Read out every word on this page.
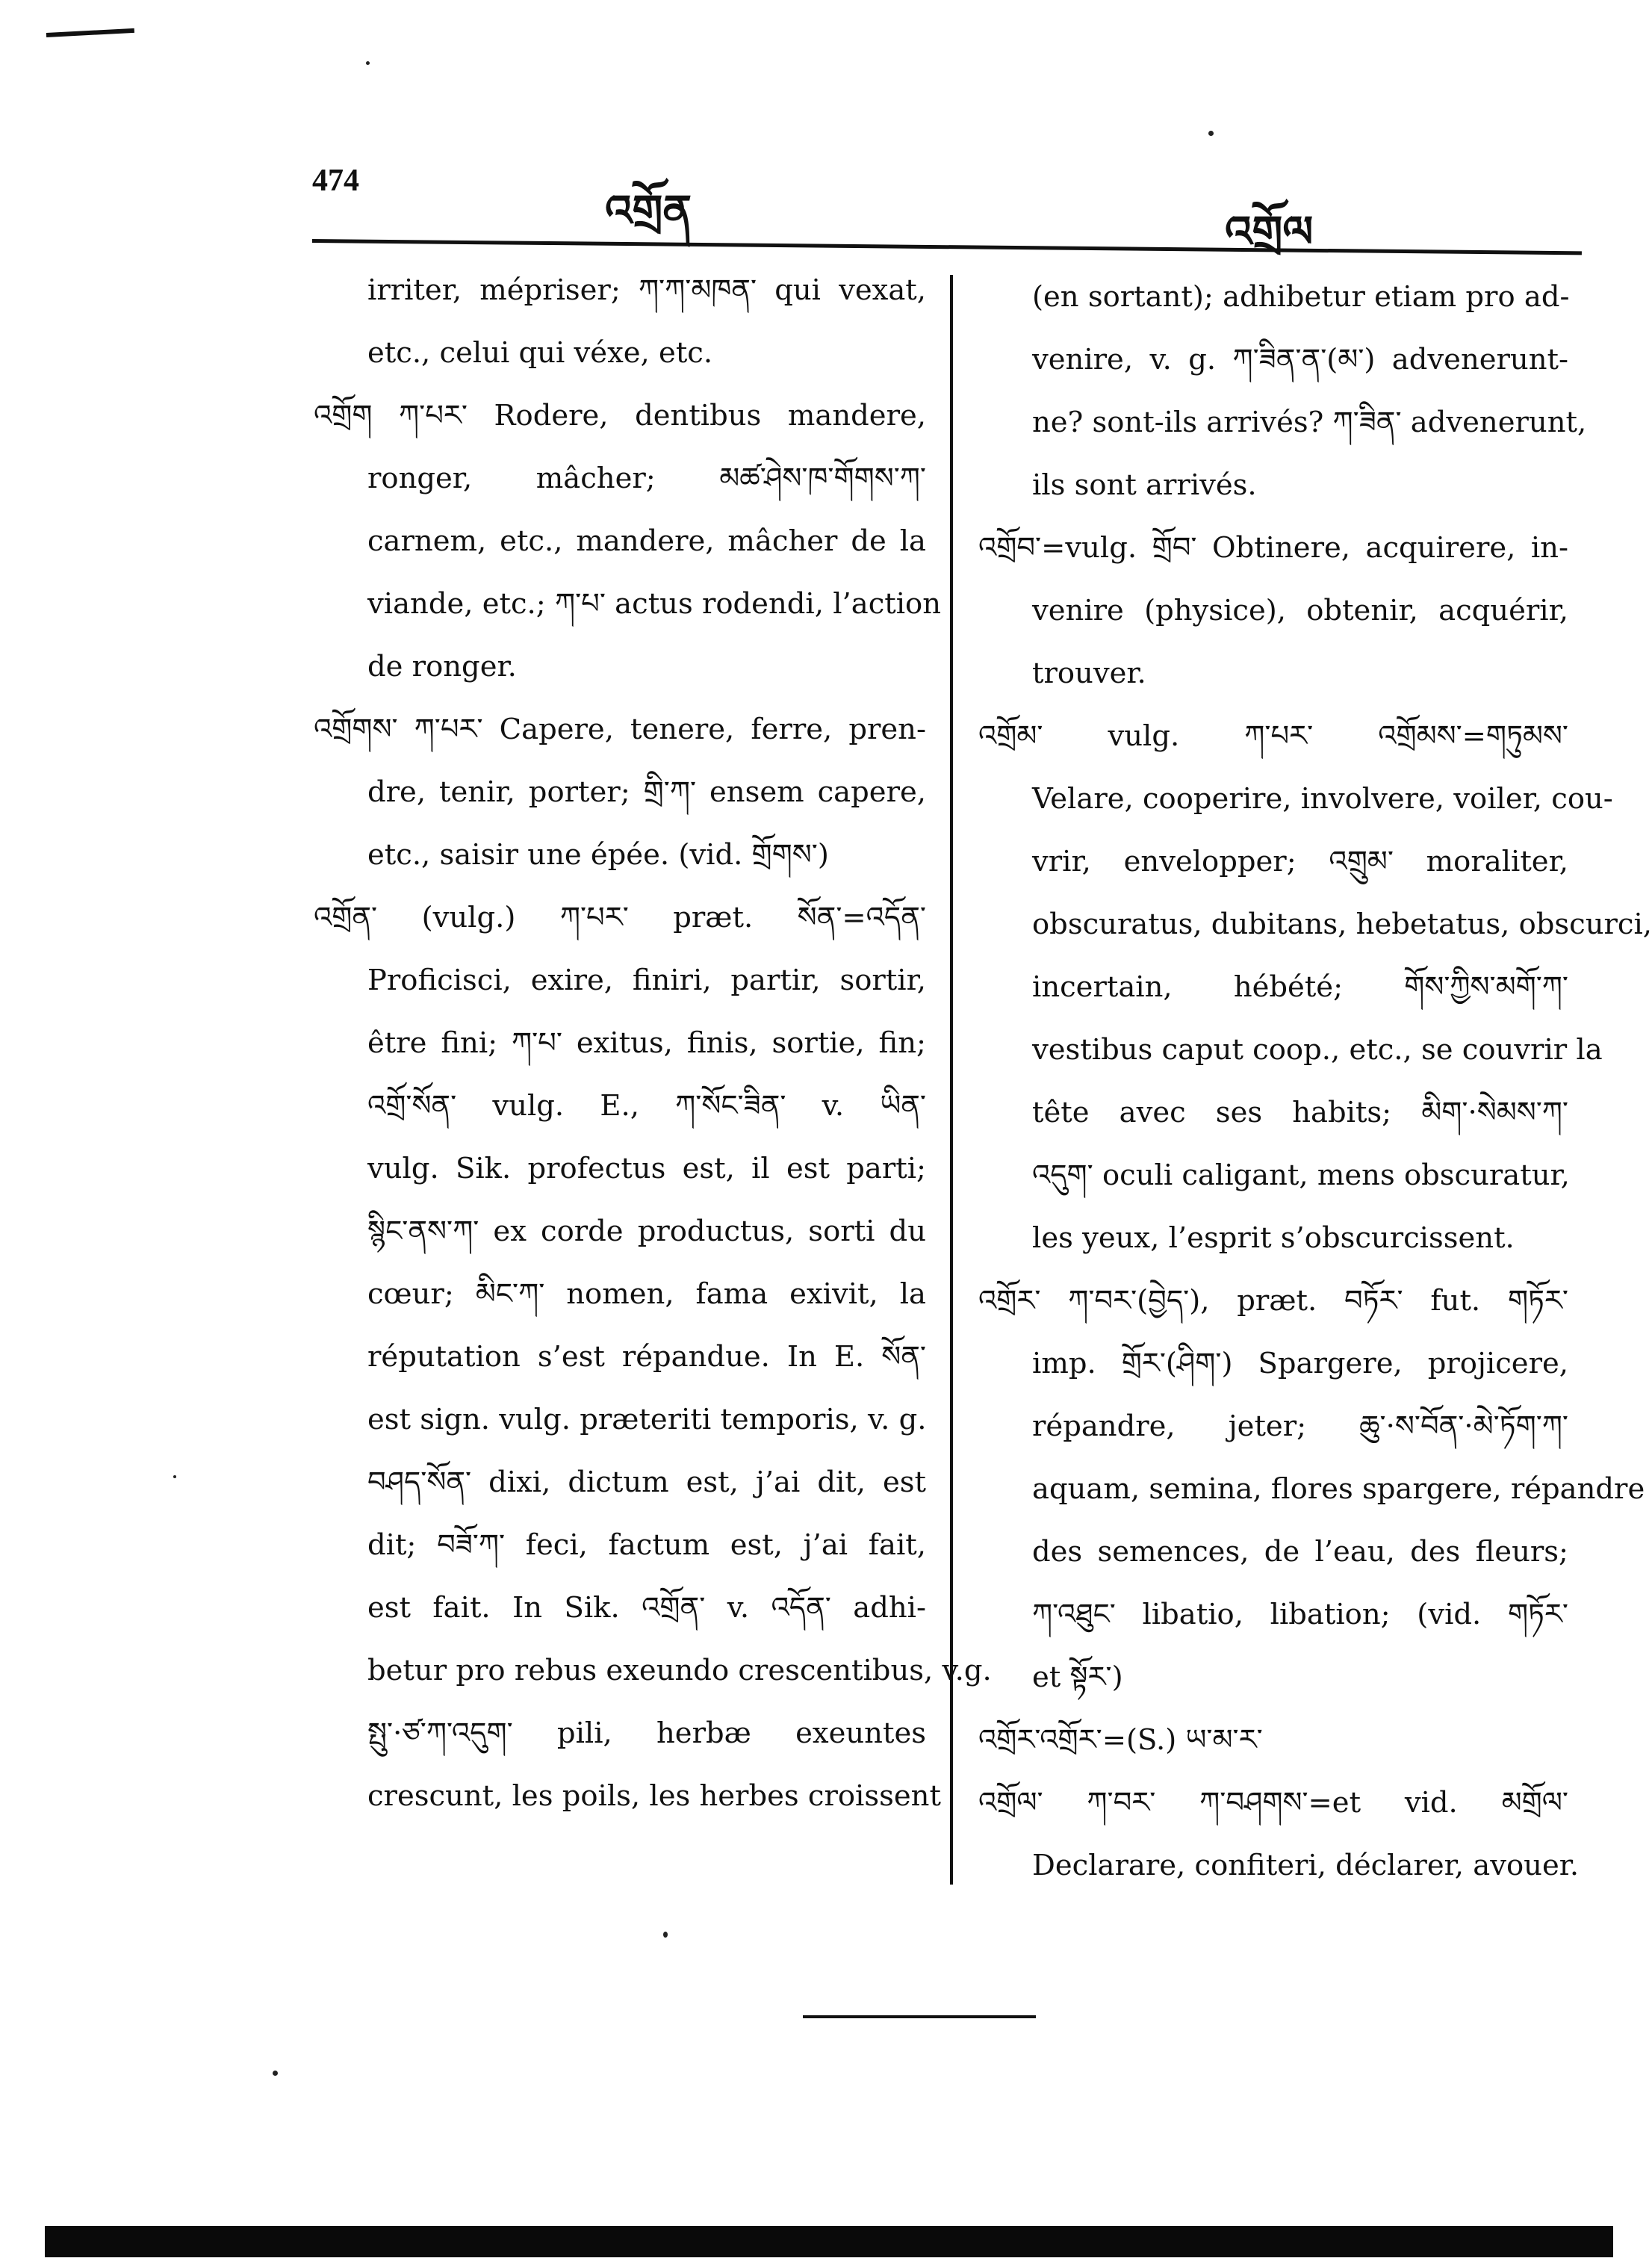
474
འགྲོན	འགྲོལ
irriter, mépriser; ཀ་ཀ་མཁན་ qui vexat,
etc., celui qui véxe, etc.
འགྲོག ཀ་པར་ Rodere, dentibus mandere,
ronger, mâcher; མཚ་ཤེས་ཁ་གོགས་ཀ་
carnem, etc., mandere, mâcher de la
viande, etc.; ཀ་པ་ actus rodendi, l’action
de ronger.
འགྲོགས་ ཀ་པར་ Capere, tenere, ferre, pren-
dre, tenir, porter; གྲི་ཀ་ ensem capere,
etc., saisir une épée. (vid. གྲོགས་)
འགྲོན་ (vulg.) ཀ་པར་ præt. སོན་=འདོན་
Proficisci, exire, finiri, partir, sortir,
être fini; ཀ་པ་ exitus, finis, sortie, fin;
འགྲོ་སོན་ vulg. E., ཀ་སོང་ཟིན་ v. ཡིན་
vulg. Sik. profectus est, il est parti;
སྙིང་ནས་ཀ་ ex corde productus, sorti du
cœur; མིང་ཀ་ nomen, fama exivit, la
réputation s’est répandue. In E. སོན་
est sign. vulg. præteriti temporis, v. g.
བཤད་སོན་ dixi, dictum est, j’ai dit, est
dit; བཟོ་ཀ་ feci, factum est, j’ai fait,
est fait. In Sik. འགྲོན་ v. འདོན་ adhi-
betur pro rebus exeundo crescentibus, v.g.
སྤུ་·ཙ་ཀ་འདུག་ pili, herbæ exeuntes
crescunt, les poils, les herbes croissent
(en sortant); adhibetur etiam pro ad-
venire, v. g. ཀ་ཟིན་ན་(མ་) advenerunt-
ne? sont-ils arrivés? ཀ་ཟིན་ advenerunt,
ils sont arrivés.
འགྲོབ་=vulg. གྲོབ་ Obtinere, acquirere, in-
venire (physice), obtenir, acquérir,
trouver.
འགྲོམ་ vulg. ཀ་པར་ འགྲོམས་=གཏུམས་
Velare, cooperire, involvere, voiler, cou-
vrir, envelopper; འགྲུམ་ moraliter,
obscuratus, dubitans, hebetatus, obscurci,
incertain, hébété; གོས་ཀྱིས་མགོ་ཀ་
vestibus caput coop., etc., se couvrir la
tête avec ses habits; མིག་·སེམས་ཀ་
འདུག་ oculi caligant, mens obscuratur,
les yeux, l’esprit s’obscurcissent.
འགྲོར་ ཀ་བར་(བྱེད་), præt. བཏོར་ fut. གཏོར་
imp. གྲོར་(ཤིག་) Spargere, projicere,
répandre, jeter; ཆུ་·ས་བོན་·མེ་ཏོག་ཀ་
aquam, semina, flores spargere, répandre
des semences, de l’eau, des fleurs;
ཀ་འཐུང་ libatio, libation; (vid. གཏོར་
et སྟོར་)
འགྲོར་འགྲོར་=(S.) ཡ་མ་ར་
འགྲོལ་ ཀ་བར་ ཀ་བཤགས་=et vid. མགྲོལ་
Declarare, confiteri, déclarer, avouer.
